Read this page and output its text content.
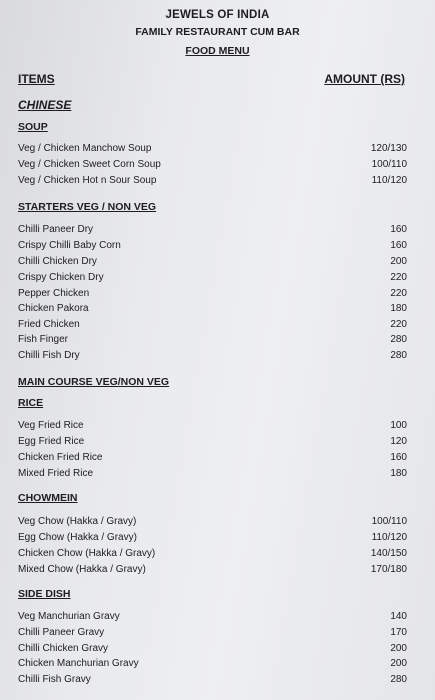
JEWELS OF INDIA
FAMILY RESTAURANT CUM BAR
FOOD MENU
ITEMS	AMOUNT (RS)
CHINESE
SOUP
Veg / Chicken Manchow Soup	120/130
Veg / Chicken Sweet Corn Soup	100/110
Veg / Chicken Hot n Sour Soup	110/120
STARTERS VEG / NON VEG
Chilli Paneer Dry	160
Crispy Chilli Baby Corn	160
Chilli Chicken Dry	200
Crispy Chicken Dry	220
Pepper Chicken	220
Chicken Pakora	180
Fried Chicken	220
Fish Finger	280
Chilli Fish Dry	280
MAIN COURSE VEG/NON VEG
RICE
Veg Fried Rice	100
Egg Fried Rice	120
Chicken Fried Rice	160
Mixed Fried Rice	180
CHOWMEIN
Veg Chow (Hakka / Gravy)	100/110
Egg Chow (Hakka / Gravy)	110/120
Chicken Chow (Hakka / Gravy)	140/150
Mixed Chow (Hakka / Gravy)	170/180
SIDE DISH
Veg Manchurian Gravy	140
Chilli Paneer Gravy	170
Chilli Chicken Gravy	200
Chicken Manchurian Gravy	200
Chilli Fish Gravy	280
